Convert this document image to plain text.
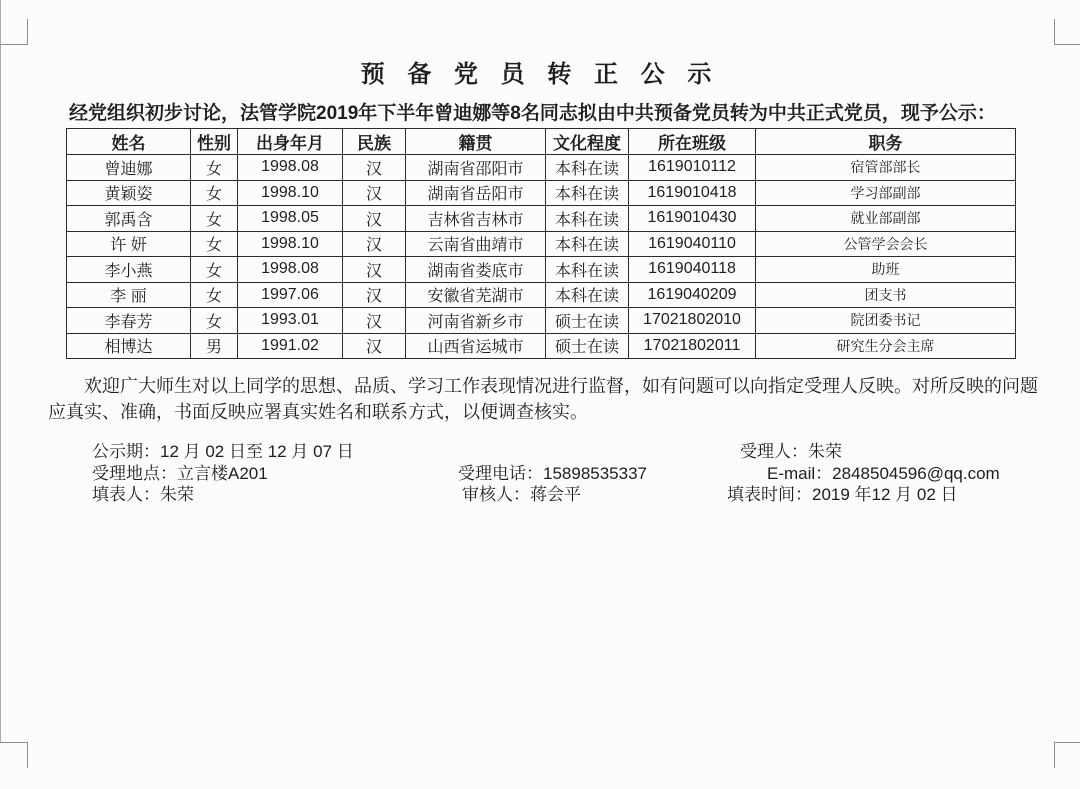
预 备 党 员 转 正 公 示
经党组织初步讨论，法管学院2019年下半年曾迪娜等8名同志拟由中共预备党员转为中共正式党员，现予公示：
姓名	性别	出身年月	民族	籍贯	文化程度	所在班级	职务
曾迪娜	女	1998.08	汉	湖南省邵阳市	本科在读	1619010112	宿管部部长
黄颖姿	女	1998.10	汉	湖南省岳阳市	本科在读	1619010418	学习部副部
郭禹含	女	1998.05	汉	吉林省吉林市	本科在读	1619010430	就业部副部
许 妍	女	1998.10	汉	云南省曲靖市	本科在读	1619040110	公管学会会长
李小燕	女	1998.08	汉	湖南省娄底市	本科在读	1619040118	助班
李 丽	女	1997.06	汉	安徽省芜湖市	本科在读	1619040209	团支书
李春芳	女	1993.01	汉	河南省新乡市	硕士在读	17021802010	院团委书记
相博达	男	1991.02	汉	山西省运城市	硕士在读	17021802011	研究生分会主席

欢迎广大师生对以上同学的思想、品质、学习工作表现情况进行监督，如有问题可以向指定受理人反映。对所反映的问题应真实、准确，书面反映应署真实姓名和联系方式，以便调查核实。

公示期：12 月 02 日至 12 月 07 日
受理地点：立言楼A201
填表人：朱荣
受理电话：15898535337
审核人：蒋会平
受理人：朱荣
E-mail：2848504596@qq.com
填表时间：2019 年12 月 02 日
